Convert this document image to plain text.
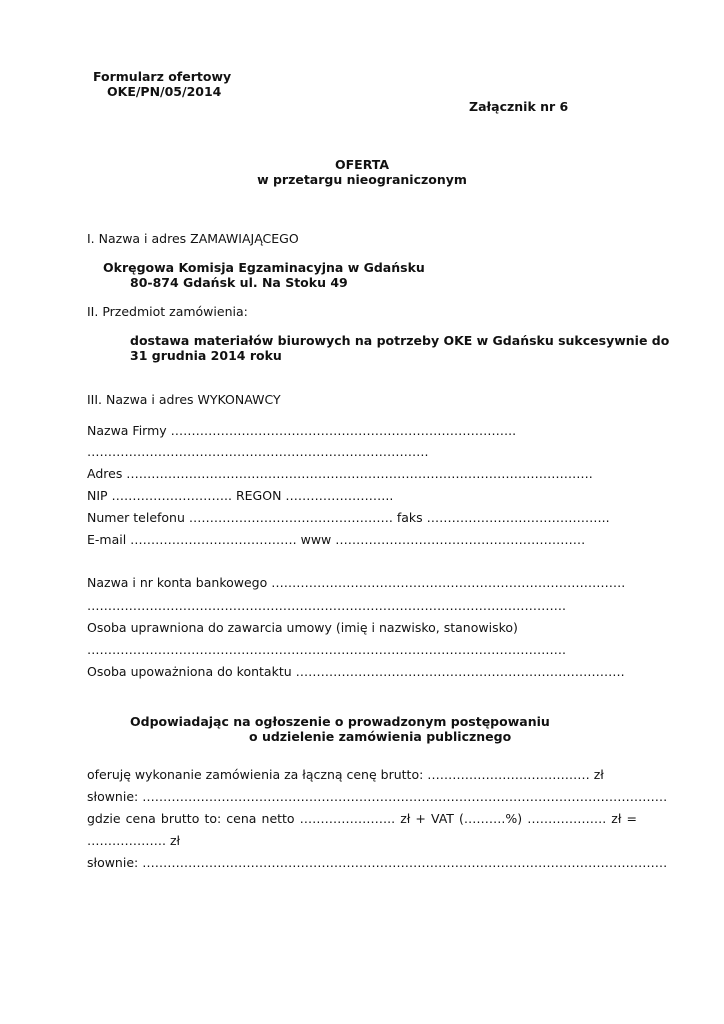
Formularz ofertowy
OKE/PN/05/2014
Załącznik nr 6
OFERTA
w przetargu nieograniczonym
I. Nazwa i adres ZAMAWIAJĄCEGO
Okręgowa Komisja Egzaminacyjna w Gdańsku
80-874 Gdańsk ul. Na Stoku 49
II. Przedmiot zamówienia:
dostawa materiałów biurowych na potrzeby OKE w Gdańsku sukcesywnie do
31 grudnia 2014 roku
III. Nazwa i adres WYKONAWCY
Nazwa Firmy ………………………………………………………………………..
……………………………………………………………………….
Adres ………………………………………………………………………………………………….
NIP ……………………….. REGON ……………………..
Numer telefonu …………………………………………. faks ……………………………………..
E-mail …………………………………. www ……………………………………………………
Nazwa i nr konta bankowego ………………………………………………………………………….
…………………………………………………………………………………………………….
Osoba uprawniona do zawarcia umowy (imię i nazwisko, stanowisko)
…………………………………………………………………………………………………….
Osoba upoważniona do kontaktu …………………………………………………………………….
Odpowiadając na ogłoszenie o prowadzonym postępowaniu
o udzielenie zamówienia publicznego
oferuję wykonanie zamówienia za łączną cenę brutto: ………………………………… zł
słownie: ………………………………………………………………………………………………………………
gdzie cena brutto to: cena netto ………………….. zł + VAT (……….%) ………………. zł =
………………. zł
słownie: ………………………………………………………………………………………………………………
